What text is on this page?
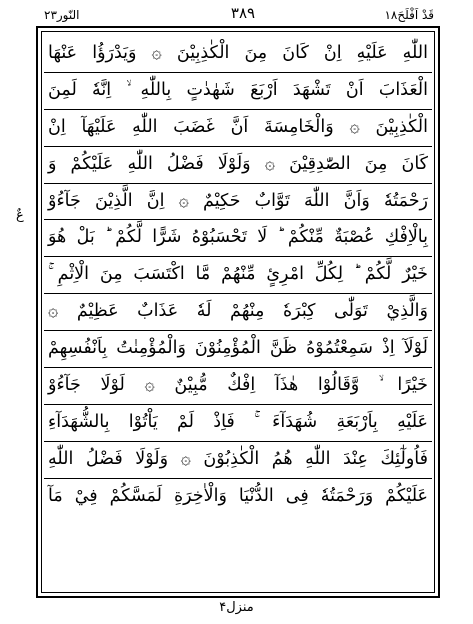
النّور٢٣	٣٨٩	قَدْ اَفْلَحَ١٨
عٌ
اللّٰهِ عَلَيْهِ اِنْ كَانَ مِنَ الْكٰذِبِيْنَ ۞ وَيَدْرَؤُا عَنْهَا
الْعَذَابَ اَنْ تَشْهَدَ اَرْبَعَ شَهٰدٰتٍ بِاللّٰهِ ۙ اِنَّهٗ لَمِنَ
الْكٰذِبِيْنَ ۞ وَالْخَامِسَةَ اَنَّ غَضَبَ اللّٰهِ عَلَيْهَآ اِنْ
كَانَ مِنَ الصّٰدِقِيْنَ ۞ وَلَوْلَا فَضْلُ اللّٰهِ عَلَيْكُمْ وَ
رَحْمَتُهٗ وَاَنَّ اللّٰهَ تَوَّابٌ حَكِيْمٌ ۞ اِنَّ الَّذِيْنَ جَآءُوْ
بِالْاِفْكِ عُصْبَةٌ مِّنْكُمْ ؕ لَا تَحْسَبُوْهُ شَرًّا لَّكُمْ ؕ بَلْ هُوَ
خَيْرٌ لَّكُمْ ؕ لِكُلِّ امْرِئٍ مِّنْهُمْ مَّا اكْتَسَبَ مِنَ الْاِثْمِ ۚ
وَالَّذِيْ تَوَلّٰى كِبْرَهٗ مِنْهُمْ لَهٗ عَذَابٌ عَظِيْمٌ ۞
لَوْلَآ اِذْ سَمِعْتُمُوْهُ ظَنَّ الْمُؤْمِنُوْنَ وَالْمُؤْمِنٰتُ بِاَنْفُسِهِمْ
خَيْرًا ۙ وَّقَالُوْا هٰذَآ اِفْكٌ مُّبِيْنٌ ۞ لَوْلَا جَآءُوْ
عَلَيْهِ بِاَرْبَعَةِ شُهَدَآءَ ۚ فَاِذْ لَمْ يَاْتُوْا بِالشُّهَدَآءِ
فَاُولٰٓئِكَ عِنْدَ اللّٰهِ هُمُ الْكٰذِبُوْنَ ۞ وَلَوْلَا فَضْلُ اللّٰهِ
عَلَيْكُمْ وَرَحْمَتُهٗ فِى الدُّنْيَا وَالْاٰخِرَةِ لَمَسَّكُمْ فِيْ مَآ
منزل۴
